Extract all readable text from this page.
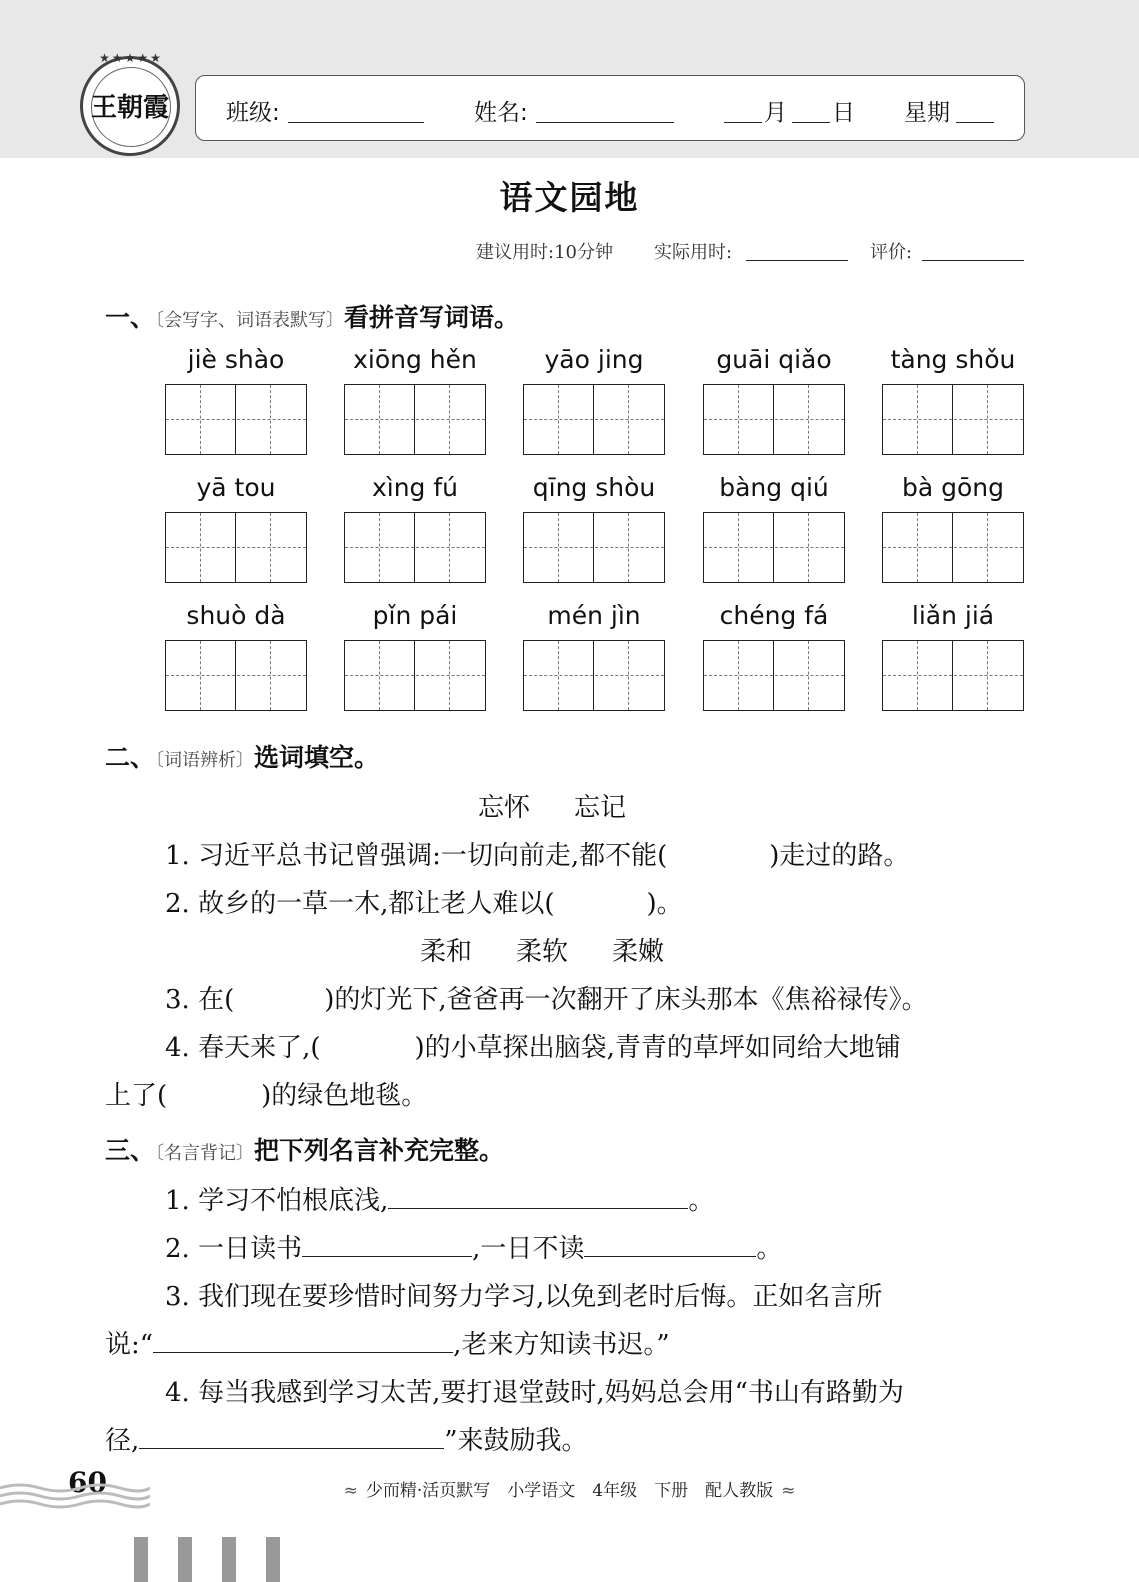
★★★★★
王朝霞	班级:	姓名:	月 日 星期
语文园地
建议用时:10分钟 实际用时:	评价:
一、〔会写字、词语表默写〕看拼音写词语。
jiè shào	xiōng hěn	yāo jing	guāi qiǎo	tàng shǒu
yā tou	xìng fú	qīng shòu	bàng qiú	bà gōng
shuò dà	pǐn pái	mén jìn	chéng fá	liǎn jiá
二、〔词语辨析〕选词填空。
忘怀 忘记
1. 习近平总书记曾强调:一切向前走,都不能(	)走过的路。
2. 故乡的一草一木,都让老人难以(	)。
柔和 柔软 柔嫩
3. 在(	)的灯光下,爸爸再一次翻开了床头那本《焦裕禄传》。
4. 春天来了,(	)的小草探出脑袋,青青的草坪如同给大地铺
上了(	)的绿色地毯。
三、〔名言背记〕把下列名言补充完整。
1. 学习不怕根底浅,	。
2. 一日读书	,一日不读	。
3. 我们现在要珍惜时间努力学习,以免到老时后悔。正如名言所
说:“	,老来方知读书迟。”
4. 每当我感到学习太苦,要打退堂鼓时,妈妈总会用“书山有路勤为
径,	”来鼓励我。
60	≈ 少而精·活页默写　小学语文　4年级　下册　配人教版 ≈
